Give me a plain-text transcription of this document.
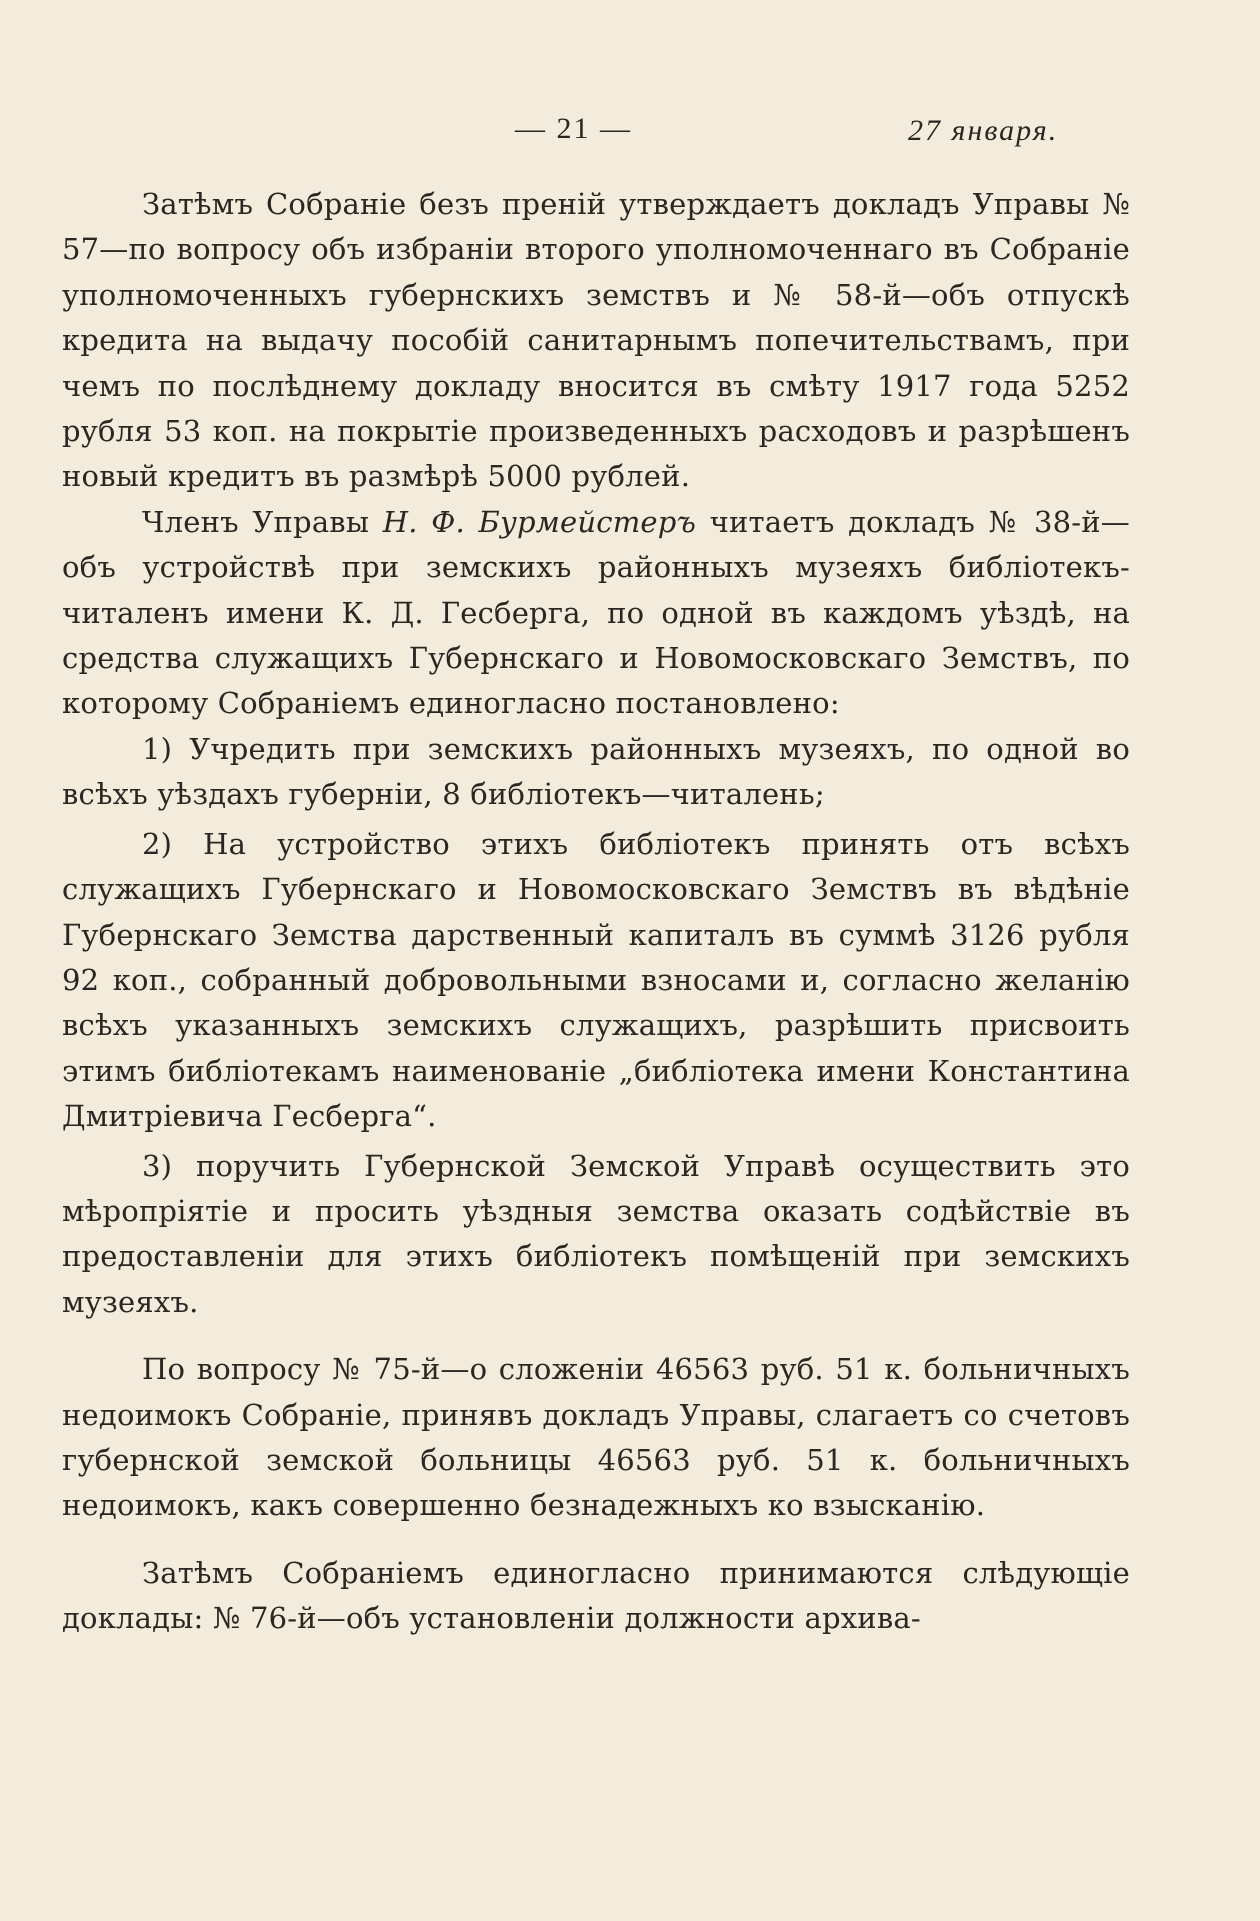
— 21 —	27 января.

Затѣмъ Собраніе безъ преній утверждаетъ докладъ Управы № 57—по вопросу объ избраніи второго уполномоченнаго въ Собраніе уполномоченныхъ губернскихъ земствъ и № 58-й—объ отпускѣ кредита на выдачу пособій санитарнымъ попечительствамъ, при чемъ по послѣднему докладу вносится въ смѣту 1917 года 5252 рубля 53 коп. на покрытіе произведенныхъ расходовъ и разрѣшенъ новый кредитъ въ размѣрѣ 5000 рублей.

Членъ Управы Н. Ф. Бурмейстеръ читаетъ докладъ № 38-й—объ устройствѣ при земскихъ районныхъ музеяхъ библіотекъ-читаленъ имени К. Д. Гесберга, по одной въ каждомъ уѣздѣ, на средства служащихъ Губернскаго и Новомосковскаго Земствъ, по которому Собраніемъ единогласно постановлено:

1) Учредить при земскихъ районныхъ музеяхъ, по одной во всѣхъ уѣздахъ губерніи, 8 библіотекъ—читалень;

2) На устройство этихъ библіотекъ принять отъ всѣхъ служащихъ Губернскаго и Новомосковскаго Земствъ въ вѣдѣніе Губернскаго Земства дарственный капиталъ въ суммѣ 3126 рубля 92 коп., собранный добровольными взносами и, согласно желанію всѣхъ указанныхъ земскихъ служащихъ, разрѣшить присвоить этимъ библіотекамъ наименованіе „библіотека имени Константина Дмитріевича Гесберга“.

3) поручить Губернской Земской Управѣ осуществить это мѣропріятіе и просить уѣздныя земства оказать содѣйствіе въ предоставленіи для этихъ библіотекъ помѣщеній при земскихъ музеяхъ.

По вопросу № 75-й—о сложеніи 46563 руб. 51 к. больничныхъ недоимокъ Собраніе, принявъ докладъ Управы, слагаетъ со счетовъ губернской земской больницы 46563 руб. 51 к. больничныхъ недоимокъ, какъ совершенно безнадежныхъ ко взысканію.

Затѣмъ Собраніемъ единогласно принимаются слѣдующіе доклады: № 76-й—объ установленіи должности архива-
